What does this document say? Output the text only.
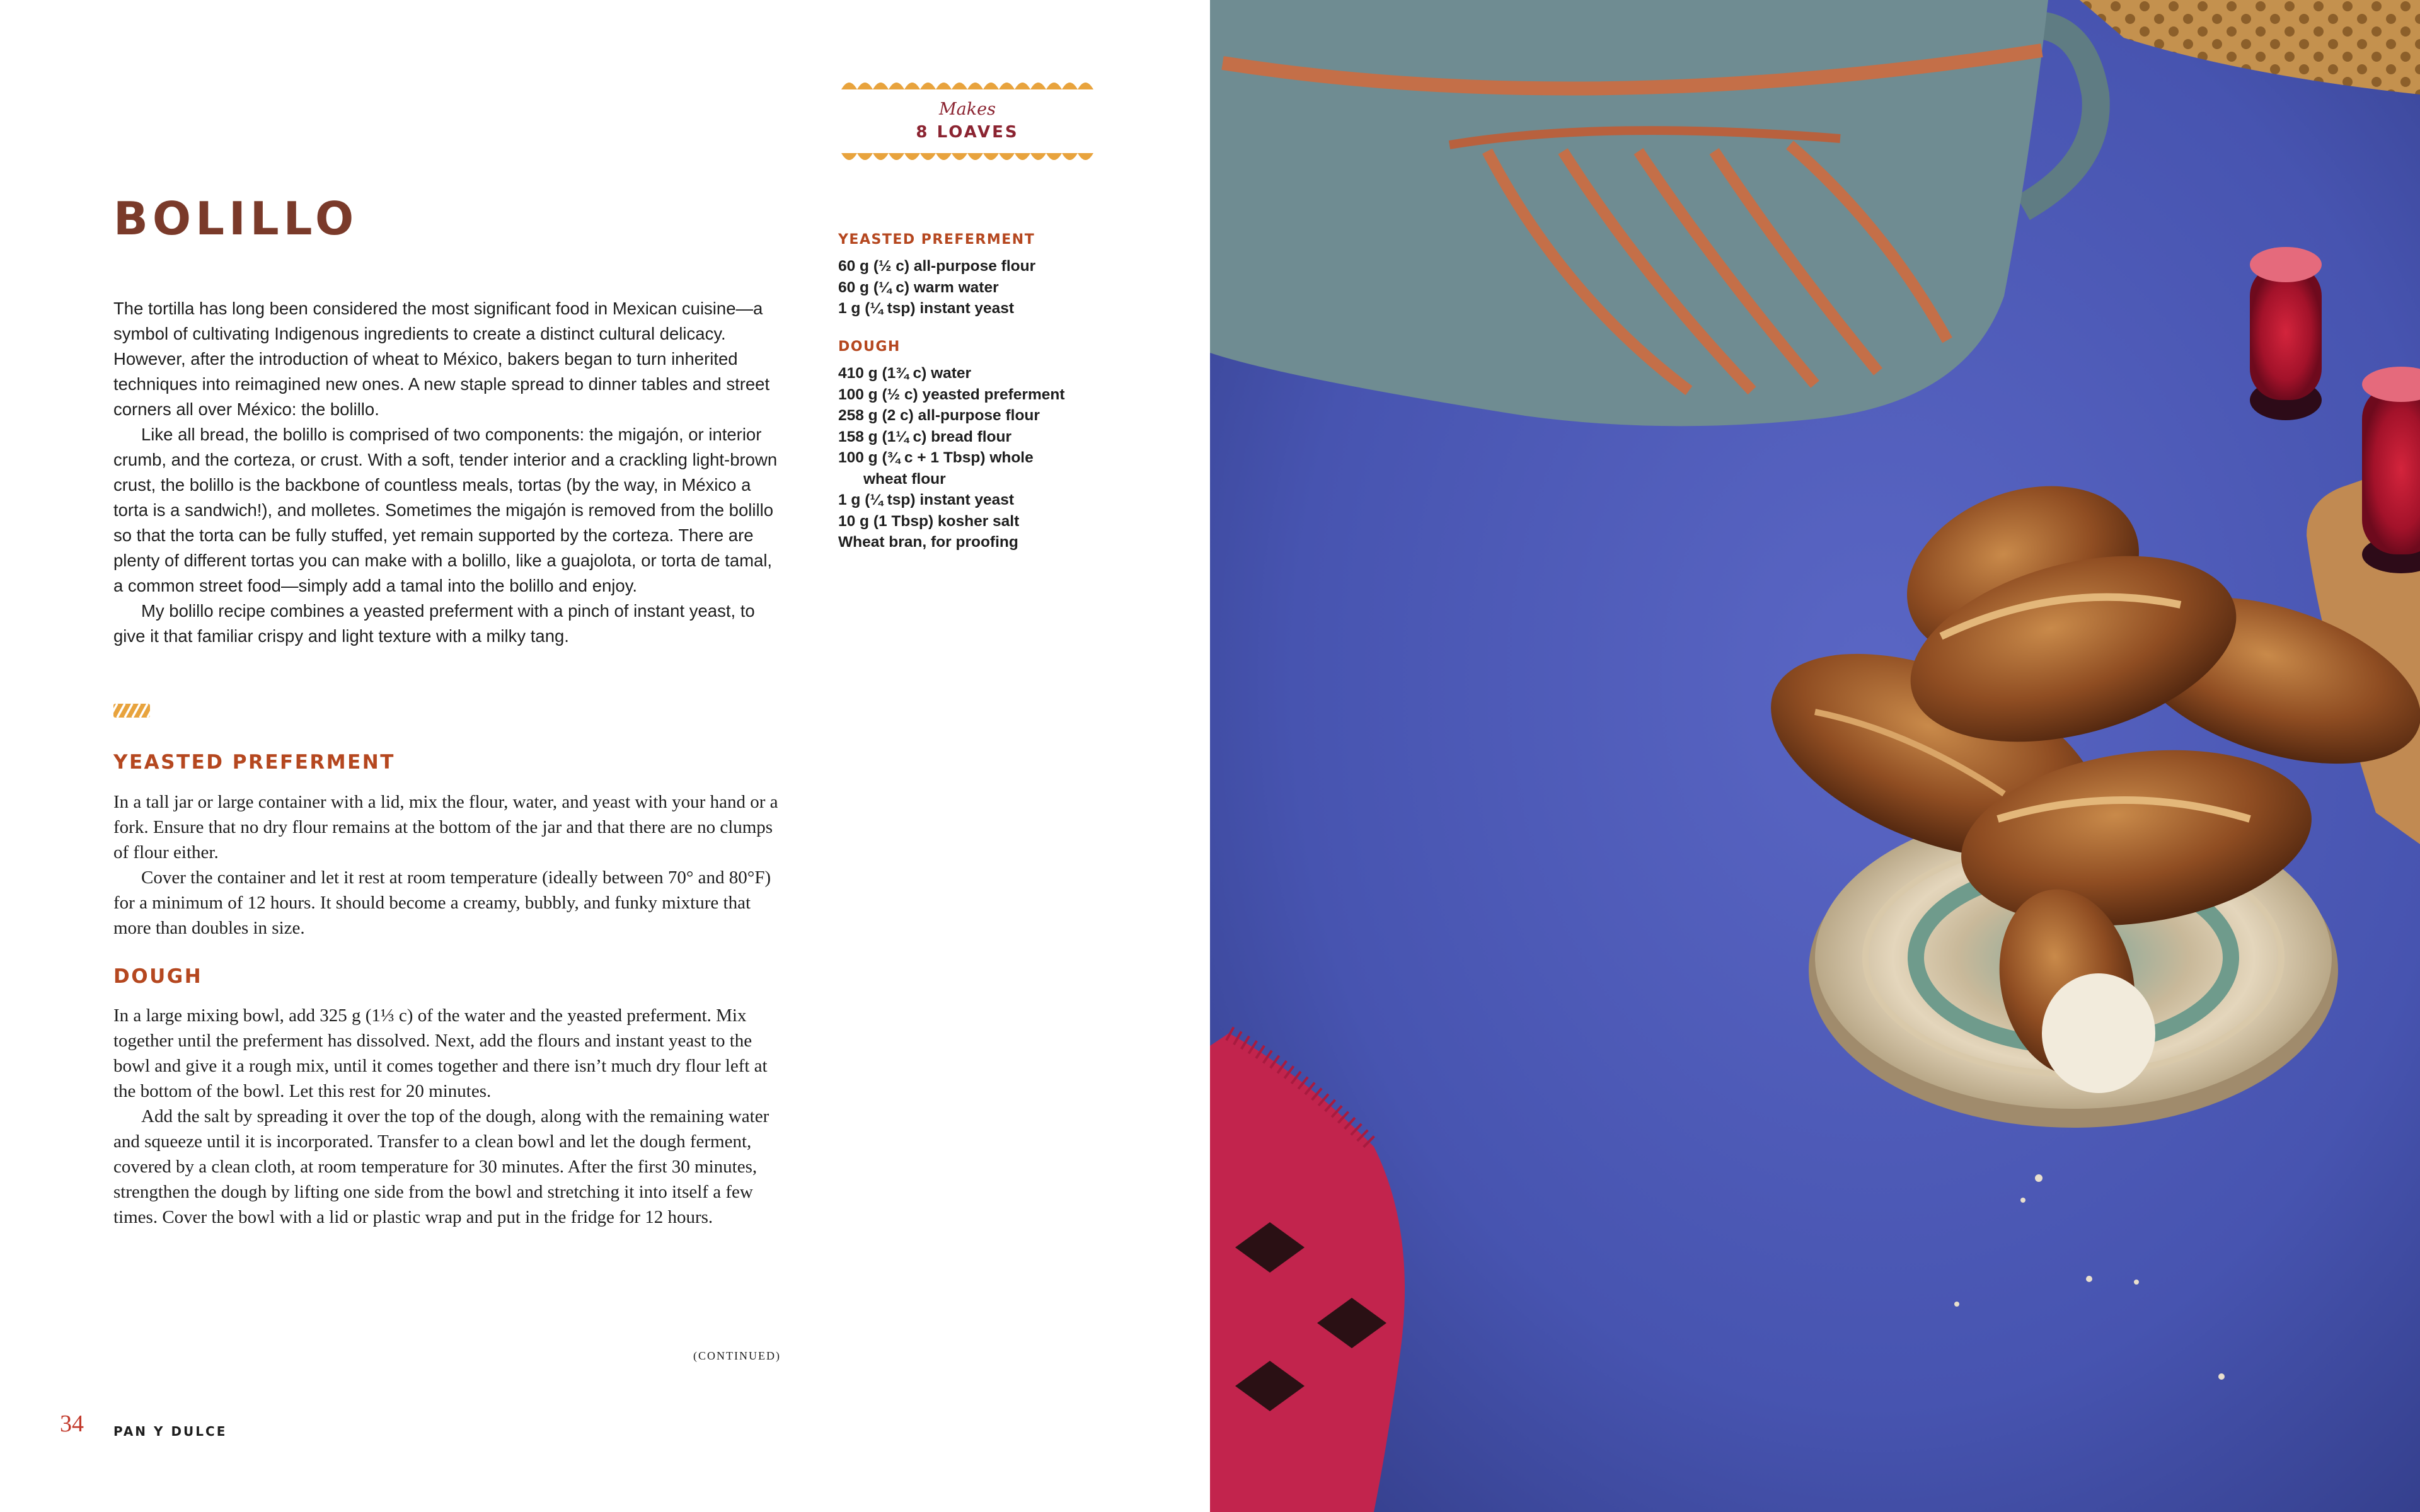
BOLILLO

The tortilla has long been considered the most significant food in Mexican cuisine—a symbol of cultivating Indigenous ingredients to create a distinct cultural delicacy. However, after the introduction of wheat to México, bakers began to turn inherited techniques into reimagined new ones. A new staple spread to dinner tables and street corners all over México: the bolillo.

Like all bread, the bolillo is comprised of two components: the migajón, or interior crumb, and the corteza, or crust. With a soft, tender interior and a crackling light-brown crust, the bolillo is the backbone of countless meals, tortas (by the way, in México a torta is a sandwich!), and molletes. Sometimes the migajón is removed from the bolillo so that the torta can be fully stuffed, yet remain supported by the corteza. There are plenty of different tortas you can make with a bolillo, like a guajolota, or torta de tamal, a common street food—simply add a tamal into the bolillo and enjoy.

My bolillo recipe combines a yeasted preferment with a pinch of instant yeast, to give it that familiar crispy and light texture with a milky tang.

YEASTED PREFERMENT

In a tall jar or large container with a lid, mix the flour, water, and yeast with your hand or a fork. Ensure that no dry flour remains at the bottom of the jar and that there are no clumps of flour either.

Cover the container and let it rest at room temperature (ideally between 70° and 80°F) for a minimum of 12 hours. It should become a creamy, bubbly, and funky mixture that more than doubles in size.

DOUGH

In a large mixing bowl, add 325 g (1⅓ c) of the water and the yeasted preferment. Mix together until the preferment has dissolved. Next, add the flours and instant yeast to the bowl and give it a rough mix, until it comes together and there isn’t much dry flour left at the bottom of the bowl. Let this rest for 20 minutes.

Add the salt by spreading it over the top of the dough, along with the remaining water and squeeze until it is incorporated. Transfer to a clean bowl and let the dough ferment, covered by a clean cloth, at room temperature for 30 minutes. After the first 30 minutes, strengthen the dough by lifting one side from the bowl and stretching it into itself a few times. Cover the bowl with a lid or plastic wrap and put in the fridge for 12 hours.

(CONTINUED)
34 PAN Y DULCE
Makes
8 LOAVES
YEASTED PREFERMENT
60 g (½ c) all-purpose flour
60 g (¼ c) warm water
1 g (¼ tsp) instant yeast
DOUGH
410 g (1¾ c) water
100 g (½ c) yeasted preferment
258 g (2 c) all-purpose flour
158 g (1¼ c) bread flour
100 g (¾ c + 1 Tbsp) whole
wheat flour
1 g (¼ tsp) instant yeast
10 g (1 Tbsp) kosher salt
Wheat bran, for proofing
